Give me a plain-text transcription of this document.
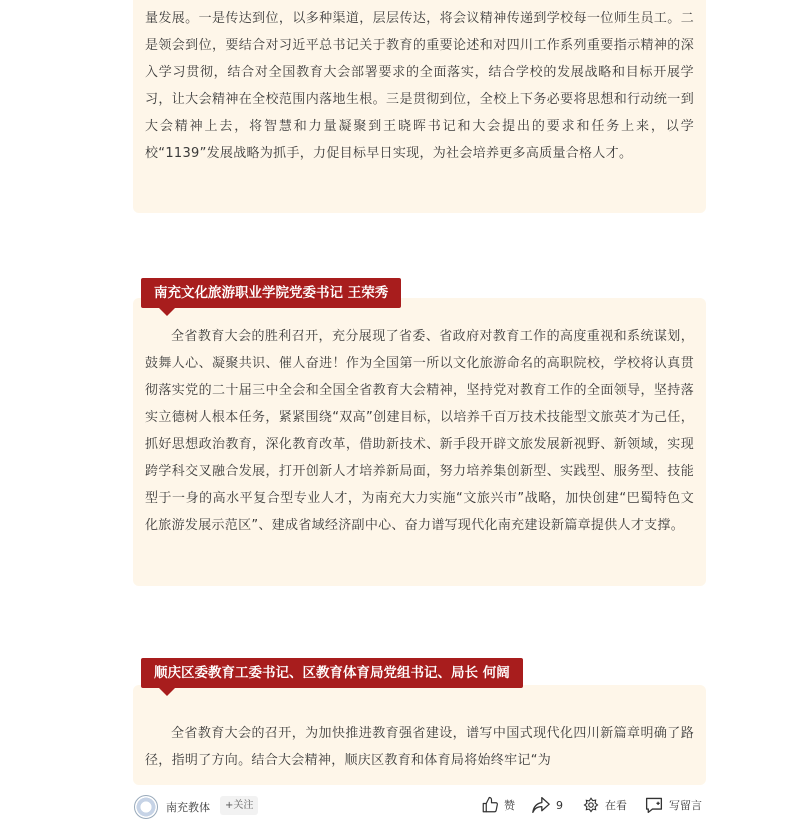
量发展。一是传达到位，以多种渠道，层层传达，将会议精神传递到学校每一位师生员工。二是领会到位，要结合对习近平总书记关于教育的重要论述和对四川工作系列重要指示精神的深入学习贯彻，结合对全国教育大会部署要求的全面落实，结合学校的发展战略和目标开展学习，让大会精神在全校范围内落地生根。三是贯彻到位，全校上下务必要将思想和行动统一到大会精神上去，将智慧和力量凝聚到王晓晖书记和大会提出的要求和任务上来，以学校“1139”发展战略为抓手，力促目标早日实现，为社会培养更多高质量合格人才。

全省教育大会的胜利召开，充分展现了省委、省政府对教育工作的高度重视和系统谋划，鼓舞人心、凝聚共识、催人奋进！作为全国第一所以文化旅游命名的高职院校，学校将认真贯彻落实党的二十届三中全会和全国全省教育大会精神，坚持党对教育工作的全面领导，坚持落实立德树人根本任务，紧紧围绕“双高”创建目标，以培养千百万技术技能型文旅英才为己任，抓好思想政治教育，深化教育改革，借助新技术、新手段开辟文旅发展新视野、新领域，实现跨学科交叉融合发展，打开创新人才培养新局面，努力培养集创新型、实践型、服务型、技能型于一身的高水平复合型专业人才，为南充大力实施“文旅兴市”战略，加快创建“巴蜀特色文化旅游发展示范区”、建成省域经济副中心、奋力谱写现代化南充建设新篇章提供人才支撑。

南充文化旅游职业学院党委书记 王荣秀

全省教育大会的召开，为加快推进教育强省建设，谱写中国式现代化四川新篇章明确了路径，指明了方向。结合大会精神，顺庆区教育和体育局将始终牢记“为

顺庆区委教育工委书记、区教育体育局党组书记、局长 何阔
南充教体	+关注	赞	9	在看	写留言
